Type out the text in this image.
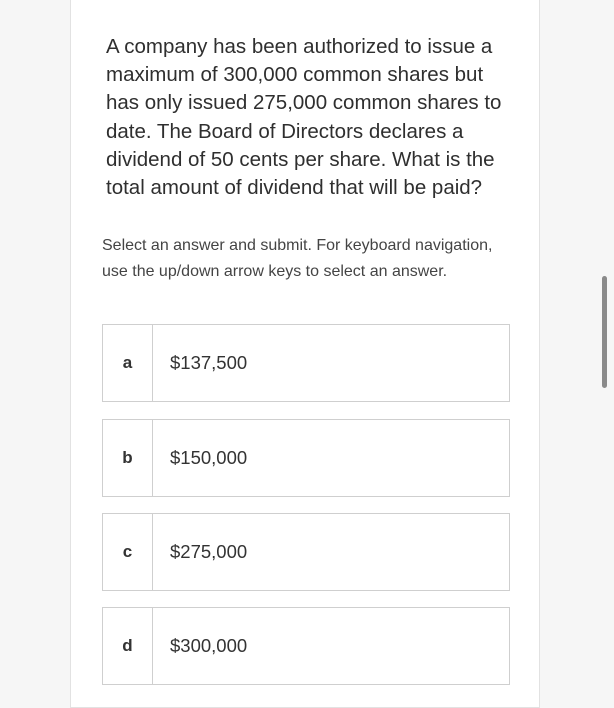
A company has been authorized to issue a maximum of 300,000 common shares but has only issued 275,000 common shares to date. The Board of Directors declares a dividend of 50 cents per share. What is the total amount of dividend that will be paid?

Select an answer and submit. For keyboard navigation, use the up/down arrow keys to select an answer.

a	$137,500
b	$150,000
c	$275,000
d	$300,000
